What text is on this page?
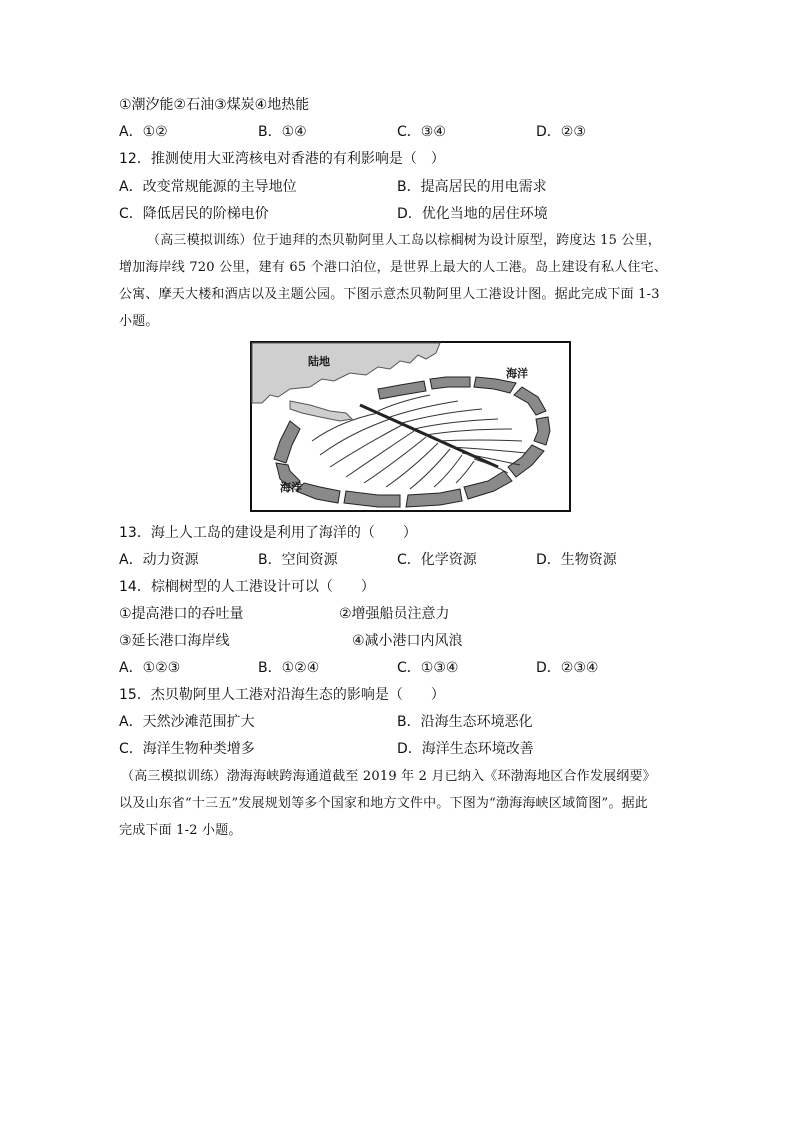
①潮汐能②石油③煤炭④地热能
A．①②	B．①④	C．③④	D．②③
12．推测使用大亚湾核电对香港的有利影响是（　）
A．改变常规能源的主导地位	B．提高居民的用电需求
C．降低居民的阶梯电价	D．优化当地的居住环境
（高三模拟训练）位于迪拜的杰贝勒阿里人工岛以棕榈树为设计原型，跨度达 15 公里，
增加海岸线 720 公里，建有 65 个港口泊位，是世界上最大的人工港。岛上建设有私人住宅、
公寓、摩天大楼和酒店以及主题公园。下图示意杰贝勒阿里人工港设计图。据此完成下面 1-3
小题。
陆地
海洋
海洋
13．海上人工岛的建设是利用了海洋的（　　）
A．动力资源	B．空间资源	C．化学资源	D．生物资源
14．棕榈树型的人工港设计可以（　　）
①提高港口的吞吐量	②增强船员注意力
③延长港口海岸线	④减小港口内风浪
A．①②③	B．①②④	C．①③④	D．②③④
15．杰贝勒阿里人工港对沿海生态的影响是（　　）
A．天然沙滩范围扩大	B．沿海生态环境恶化
C．海洋生物种类增多	D．海洋生态环境改善
（高三模拟训练）渤海海峡跨海通道截至 2019 年 2 月已纳入《环渤海地区合作发展纲要》
以及山东省“十三五”发展规划等多个国家和地方文件中。下图为“渤海海峡区域简图”。据此
完成下面 1-2 小题。
